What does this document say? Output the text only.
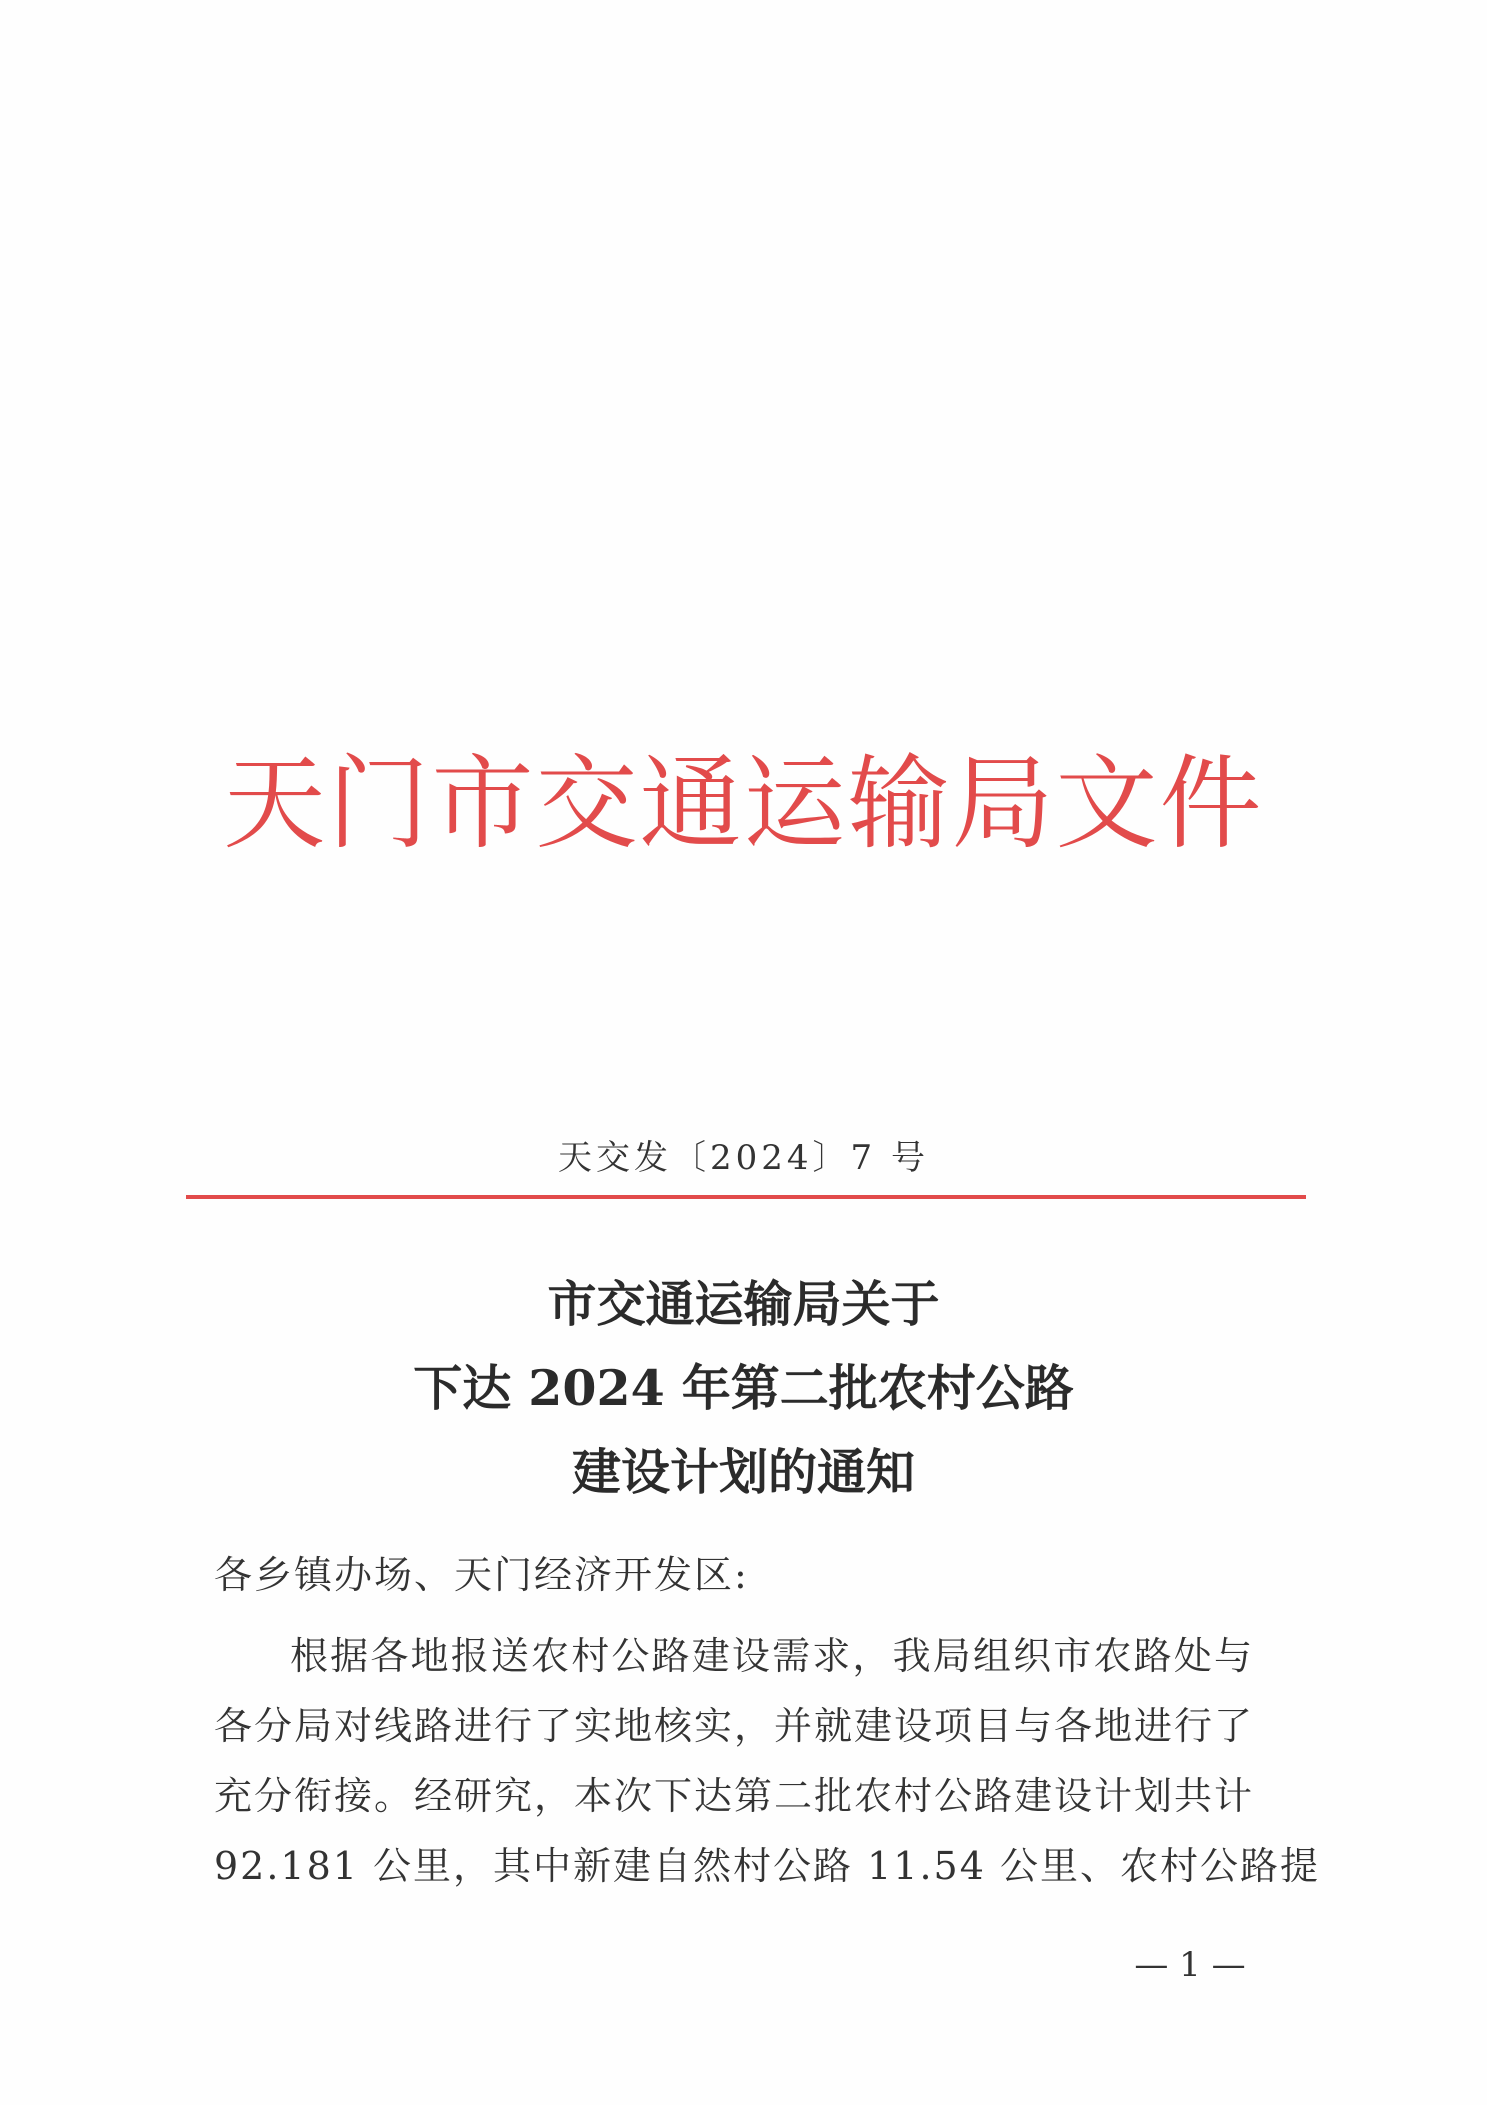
天门市交通运输局文件
天交发〔2024〕7 号
市交通运输局关于
下达 2024 年第二批农村公路
建设计划的通知
各乡镇办场、天门经济开发区:
根据各地报送农村公路建设需求，我局组织市农路处与
各分局对线路进行了实地核实，并就建设项目与各地进行了
充分衔接。经研究，本次下达第二批农村公路建设计划共计
92.181 公里，其中新建自然村公路 11.54 公里、农村公路提
— 1 —
